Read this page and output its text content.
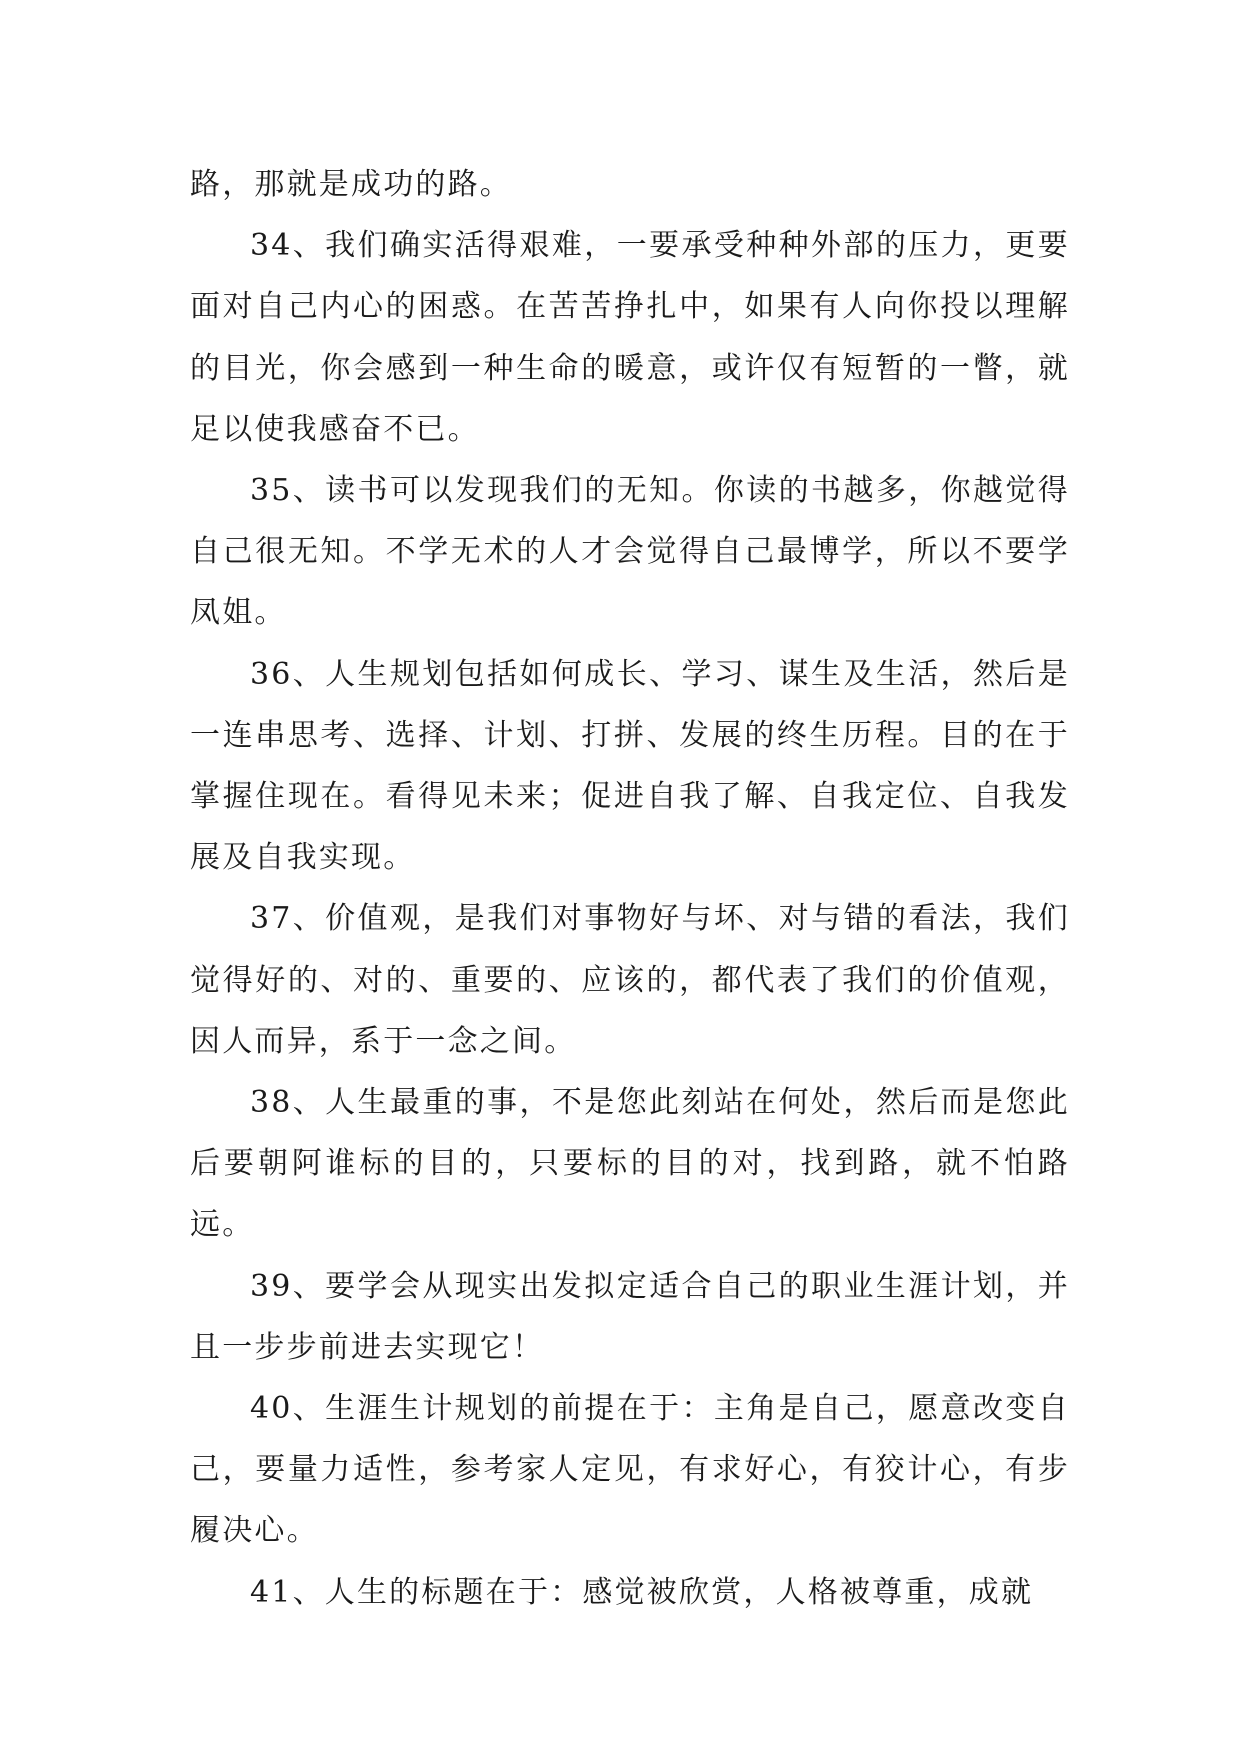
路，那就是成功的路。

34、我们确实活得艰难，一要承受种种外部的压力，更要面对自己内心的困惑。在苦苦挣扎中，如果有人向你投以理解的目光，你会感到一种生命的暖意，或许仅有短暂的一瞥，就足以使我感奋不已。

35、读书可以发现我们的无知。你读的书越多，你越觉得自己很无知。不学无术的人才会觉得自己最博学，所以不要学凤姐。

36、人生规划包括如何成长、学习、谋生及生活，然后是一连串思考、选择、计划、打拼、发展的终生历程。目的在于掌握住现在。看得见未来；促进自我了解、自我定位、自我发展及自我实现。

37、价值观，是我们对事物好与坏、对与错的看法，我们觉得好的、对的、重要的、应该的，都代表了我们的价值观，因人而异，系于一念之间。

38、人生最重的事，不是您此刻站在何处，然后而是您此后要朝阿谁标的目的，只要标的目的对，找到路，就不怕路远。

39、要学会从现实出发拟定适合自己的职业生涯计划，并且一步步前进去实现它！

40、生涯生计规划的前提在于：主角是自己，愿意改变自己，要量力适性，参考家人定见，有求好心，有狡计心，有步履决心。

41、人生的标题在于：感觉被欣赏，人格被尊重，成就
